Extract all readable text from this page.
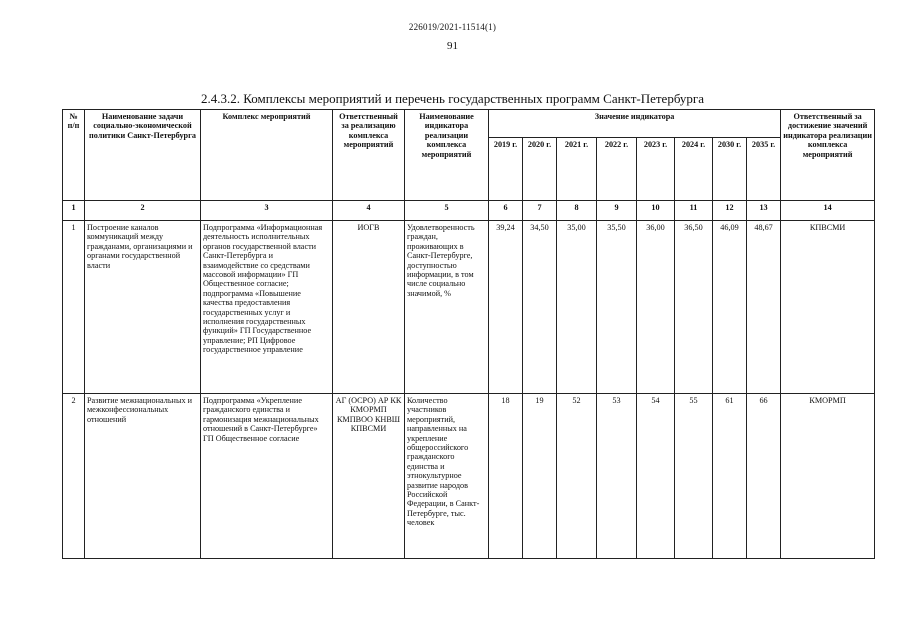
226019/2021-11514(1)
91
2.4.3.2. Комплексы мероприятий и перечень государственных программ Санкт-Петербурга
№ п/п	Наименование задачи социально-экономической политики Санкт-Петербурга	Комплекс мероприятий	Ответственный за реализацию комплекса мероприятий	Наименование индикатора реализации комплекса мероприятий	Значение индикатора								Ответственный за достижение значений индикатора реализации комплекса мероприятий
					2019 г.	2020 г.	2021 г.	2022 г.	2023 г.	2024 г.	2030 г.	2035 г.	
1	2	3	4	5	6	7	8	9	10	11	12	13	14
1	Построение каналов коммуникаций между гражданами, организациями и органами государственной власти	Подпрограмма «Информационная деятельность исполнительных органов государственной власти Санкт-Петербурга и взаимодействие со средствами массовой информации» ГП Общественное согласие; подпрограмма «Повышение качества предоставления государственных услуг и исполнения государственных функций» ГП Государственное управление; РП Цифровое государственное управление	ИОГВ	Удовлетворенность граждан, проживающих в Санкт-Петербурге, доступностью информации, в том числе социально значимой, %	39,24	34,50	35,00	35,50	36,00	36,50	46,09	48,67	КПВСМИ
2	Развитие межнациональных и межконфессиональных отношений	Подпрограмма «Укрепление гражданского единства и гармонизация межнациональных отношений в Санкт-Петербурге» ГП Общественное согласие	АГ (ОСРО) АР КК КМОРМП КМПВОО КНВШ КПВСМИ	Количество участников мероприятий, направленных на укрепление общероссийского гражданского единства и этнокультурное развитие народов Российской Федерации, в Санкт-Петербурге, тыс. человек	18	19	52	53	54	55	61	66	КМОРМП
